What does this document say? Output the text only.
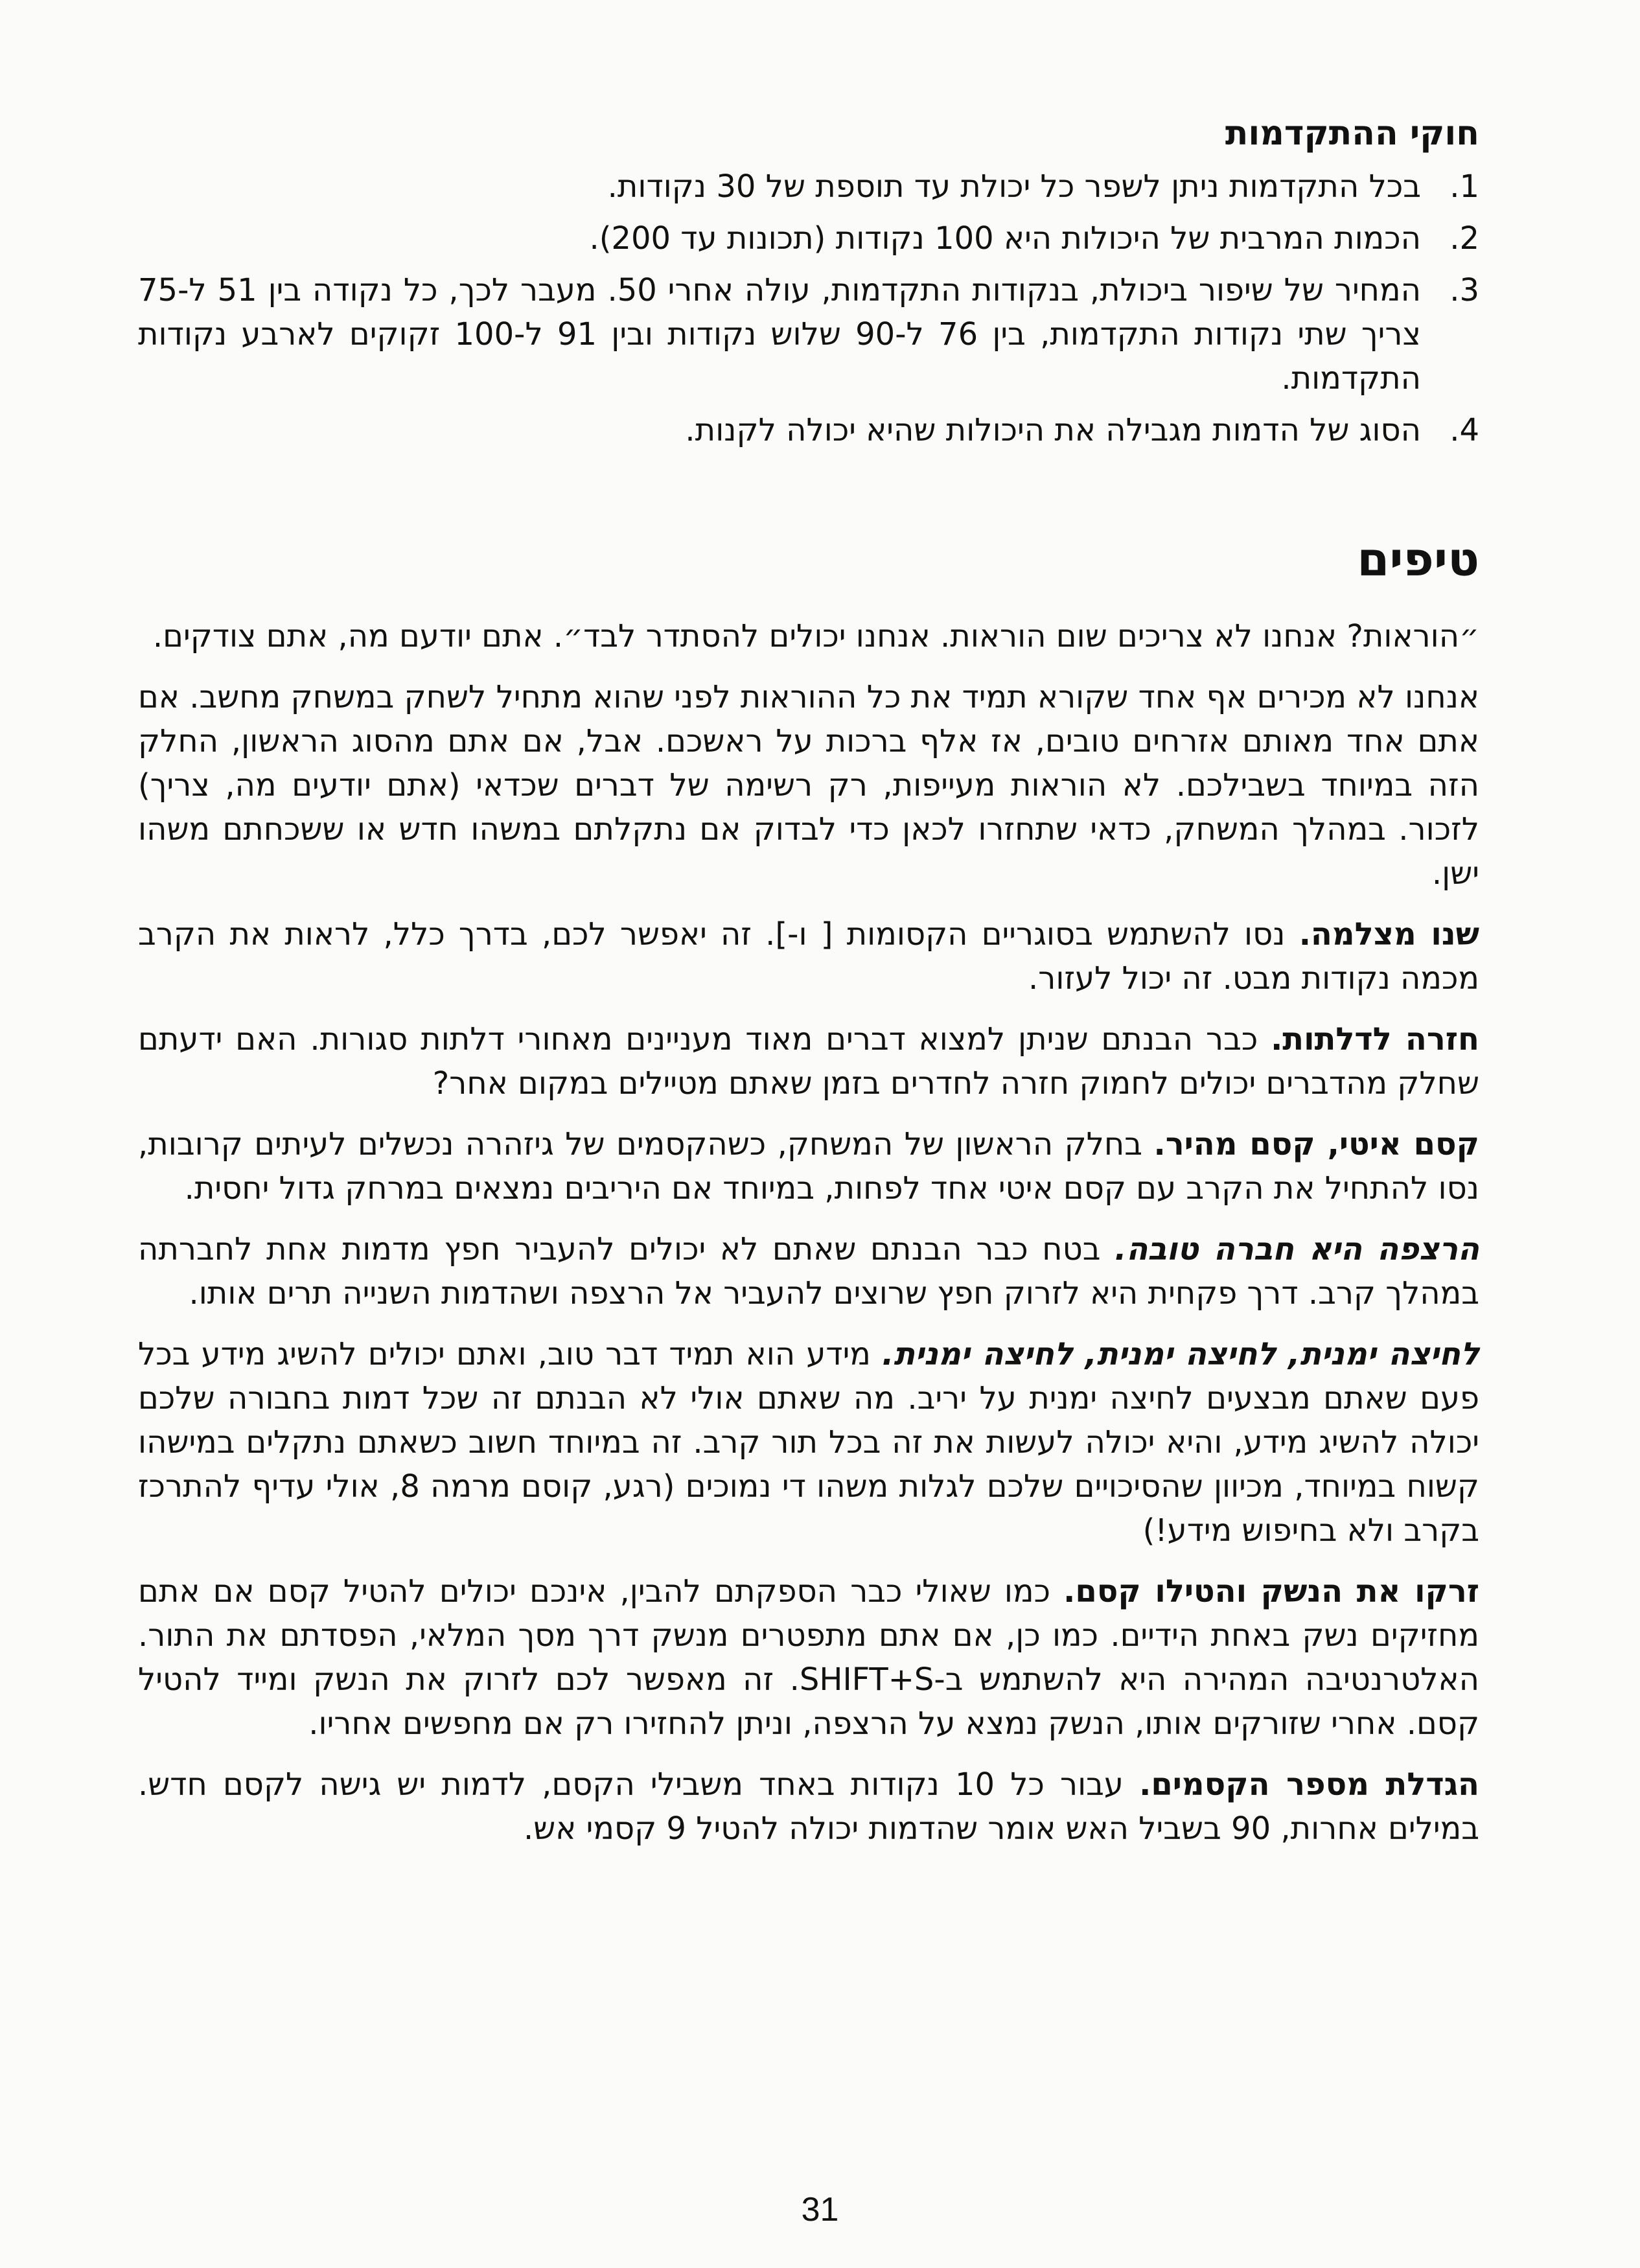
חוקי ההתקדמות
1.
בכל התקדמות ניתן לשפר כל יכולת עד תוספת של 30 נקודות.
2.
הכמות המרבית של היכולות היא 100 נקודות (תכונות עד 200).
3.
המחיר של שיפור ביכולת, בנקודות התקדמות, עולה אחרי 50. מעבר לכך, כל נקודה בין 51 ל-75 צריך שתי נקודות התקדמות, בין 76 ל-90 שלוש נקודות ובין 91 ל-100 זקוקים לארבע נקודות התקדמות.
4.
הסוג של הדמות מגבילה את היכולות שהיא יכולה לקנות.
טיפים

״הוראות? אנחנו לא צריכים שום הוראות. אנחנו יכולים להסתדר לבד״. אתם יודעם מה, אתם צודקים.

אנחנו לא מכירים אף אחד שקורא תמיד את כל ההוראות לפני שהוא מתחיל לשחק במשחק מחשב. אם אתם אחד מאותם אזרחים טובים, אז אלף ברכות על ראשכם. אבל, אם אתם מהסוג הראשון, החלק הזה במיוחד בשבילכם. לא הוראות מעייפות, רק רשימה של דברים שכדאי (אתם יודעים מה, צריך) לזכור. במהלך המשחק, כדאי שתחזרו לכאן כדי לבדוק אם נתקלתם במשהו חדש או ששכחתם משהו ישן.

שנו מצלמה. נסו להשתמש בסוגריים הקסומות [ ו-]. זה יאפשר לכם, בדרך כלל, לראות את הקרב מכמה נקודות מבט. זה יכול לעזור.

חזרה לדלתות. כבר הבנתם שניתן למצוא דברים מאוד מעניינים מאחורי דלתות סגורות. האם ידעתם שחלק מהדברים יכולים לחמוק חזרה לחדרים בזמן שאתם מטיילים במקום אחר?

קסם איטי, קסם מהיר. בחלק הראשון של המשחק, כשהקסמים של גיזהרה נכשלים לעיתים קרובות, נסו להתחיל את הקרב עם קסם איטי אחד לפחות, במיוחד אם היריבים נמצאים במרחק גדול יחסית.

הרצפה היא חברה טובה. בטח כבר הבנתם שאתם לא יכולים להעביר חפץ מדמות אחת לחברתה במהלך קרב. דרך פקחית היא לזרוק חפץ שרוצים להעביר אל הרצפה ושהדמות השנייה תרים אותו.

לחיצה ימנית, לחיצה ימנית, לחיצה ימנית. מידע הוא תמיד דבר טוב, ואתם יכולים להשיג מידע בכל פעם שאתם מבצעים לחיצה ימנית על יריב. מה שאתם אולי לא הבנתם זה שכל דמות בחבורה שלכם יכולה להשיג מידע, והיא יכולה לעשות את זה בכל תור קרב. זה במיוחד חשוב כשאתם נתקלים במישהו קשוח במיוחד, מכיוון שהסיכויים שלכם לגלות משהו די נמוכים (רגע, קוסם מרמה 8, אולי עדיף להתרכז בקרב ולא בחיפוש מידע!)

זרקו את הנשק והטילו קסם. כמו שאולי כבר הספקתם להבין, אינכם יכולים להטיל קסם אם אתם מחזיקים נשק באחת הידיים. כמו כן, אם אתם מתפטרים מנשק דרך מסך המלאי, הפסדתם את התור. האלטרנטיבה המהירה היא להשתמש ב-SHIFT+S. זה מאפשר לכם לזרוק את הנשק ומייד להטיל קסם. אחרי שזורקים אותו, הנשק נמצא על הרצפה, וניתן להחזירו רק אם מחפשים אחריו.

הגדלת מספר הקסמים. עבור כל 10 נקודות באחד משבילי הקסם, לדמות יש גישה לקסם חדש. במילים אחרות, 90 בשביל האש אומר שהדמות יכולה להטיל 9 קסמי אש.

31
